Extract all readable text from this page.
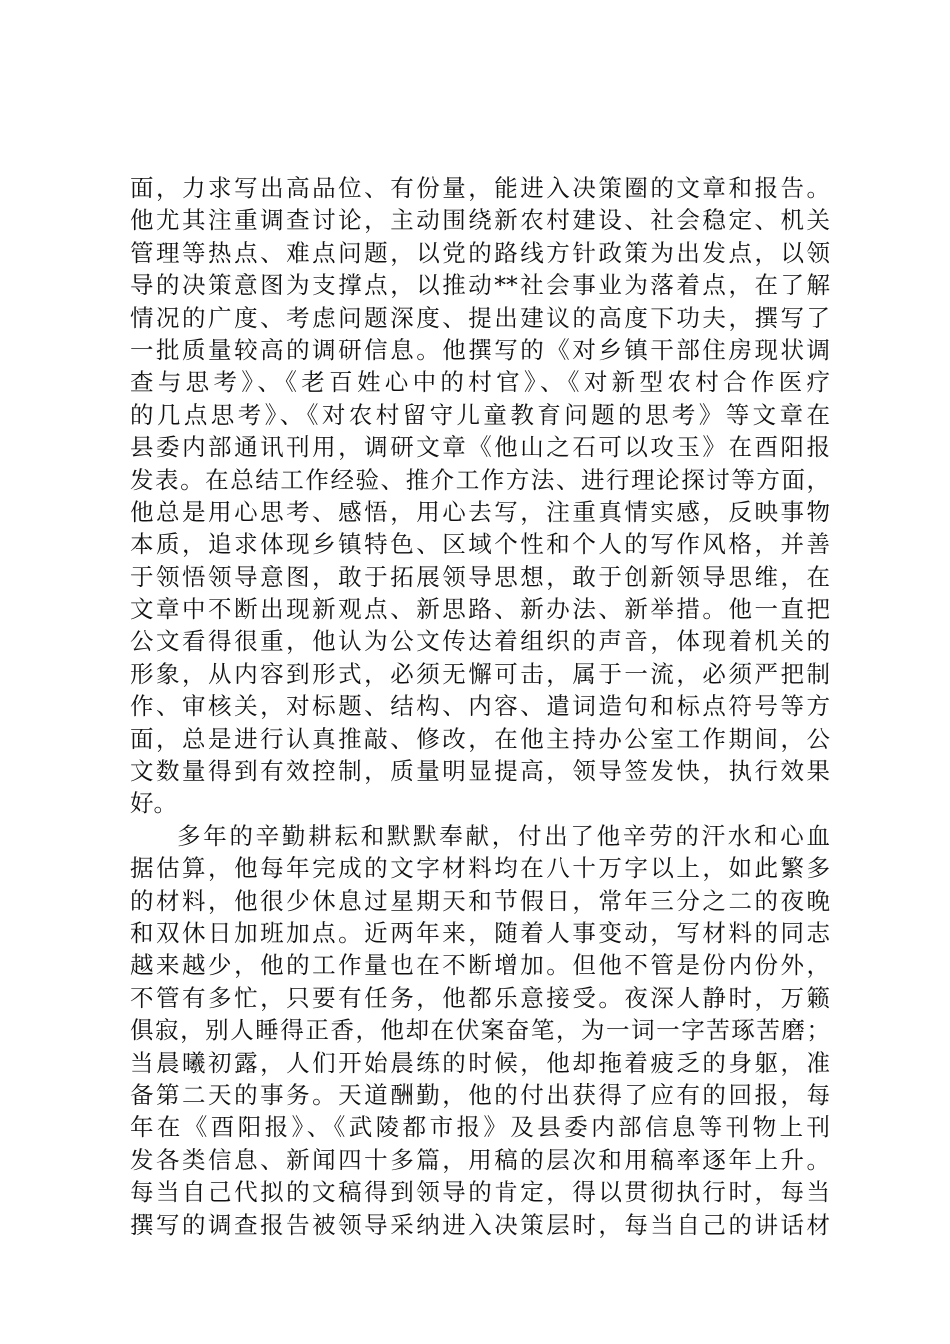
面，力求写出高品位、有份量，能进入决策圈的文章和报告。
他尤其注重调查讨论，主动围绕新农村建设、社会稳定、机关
管理等热点、难点问题，以党的路线方针政策为出发点，以领
导的决策意图为支撑点，以推动**社会事业为落着点，在了解
情况的广度、考虑问题深度、提出建议的高度下功夫，撰写了
一批质量较高的调研信息。他撰写的《对乡镇干部住房现状调
查与思考》、《老百姓心中的村官》、《对新型农村合作医疗
的几点思考》、《对农村留守儿童教育问题的思考》等文章在
县委内部通讯刊用，调研文章《他山之石可以攻玉》在酉阳报
发表。在总结工作经验、推介工作方法、进行理论探讨等方面，
他总是用心思考、感悟，用心去写，注重真情实感，反映事物
本质，追求体现乡镇特色、区域个性和个人的写作风格，并善
于领悟领导意图，敢于拓展领导思想，敢于创新领导思维，在
文章中不断出现新观点、新思路、新办法、新举措。他一直把
公文看得很重，他认为公文传达着组织的声音，体现着机关的
形象，从内容到形式，必须无懈可击，属于一流，必须严把制
作、审核关，对标题、结构、内容、遣词造句和标点符号等方
面，总是进行认真推敲、修改，在他主持办公室工作期间，公
文数量得到有效控制，质量明显提高，领导签发快，执行效果
好。
多年的辛勤耕耘和默默奉献，付出了他辛劳的汗水和心血
据估算，他每年完成的文字材料均在八十万字以上，如此繁多
的材料，他很少休息过星期天和节假日，常年三分之二的夜晚
和双休日加班加点。近两年来，随着人事变动，写材料的同志
越来越少，他的工作量也在不断增加。但他不管是份内份外，
不管有多忙，只要有任务，他都乐意接受。夜深人静时，万籁
俱寂，别人睡得正香，他却在伏案奋笔，为一词一字苦琢苦磨；
当晨曦初露，人们开始晨练的时候，他却拖着疲乏的身躯，准
备第二天的事务。天道酬勤，他的付出获得了应有的回报，每
年在《酉阳报》、《武陵都市报》及县委内部信息等刊物上刊
发各类信息、新闻四十多篇，用稿的层次和用稿率逐年上升。
每当自己代拟的文稿得到领导的肯定，得以贯彻执行时，每当
撰写的调查报告被领导采纳进入决策层时，每当自己的讲话材
